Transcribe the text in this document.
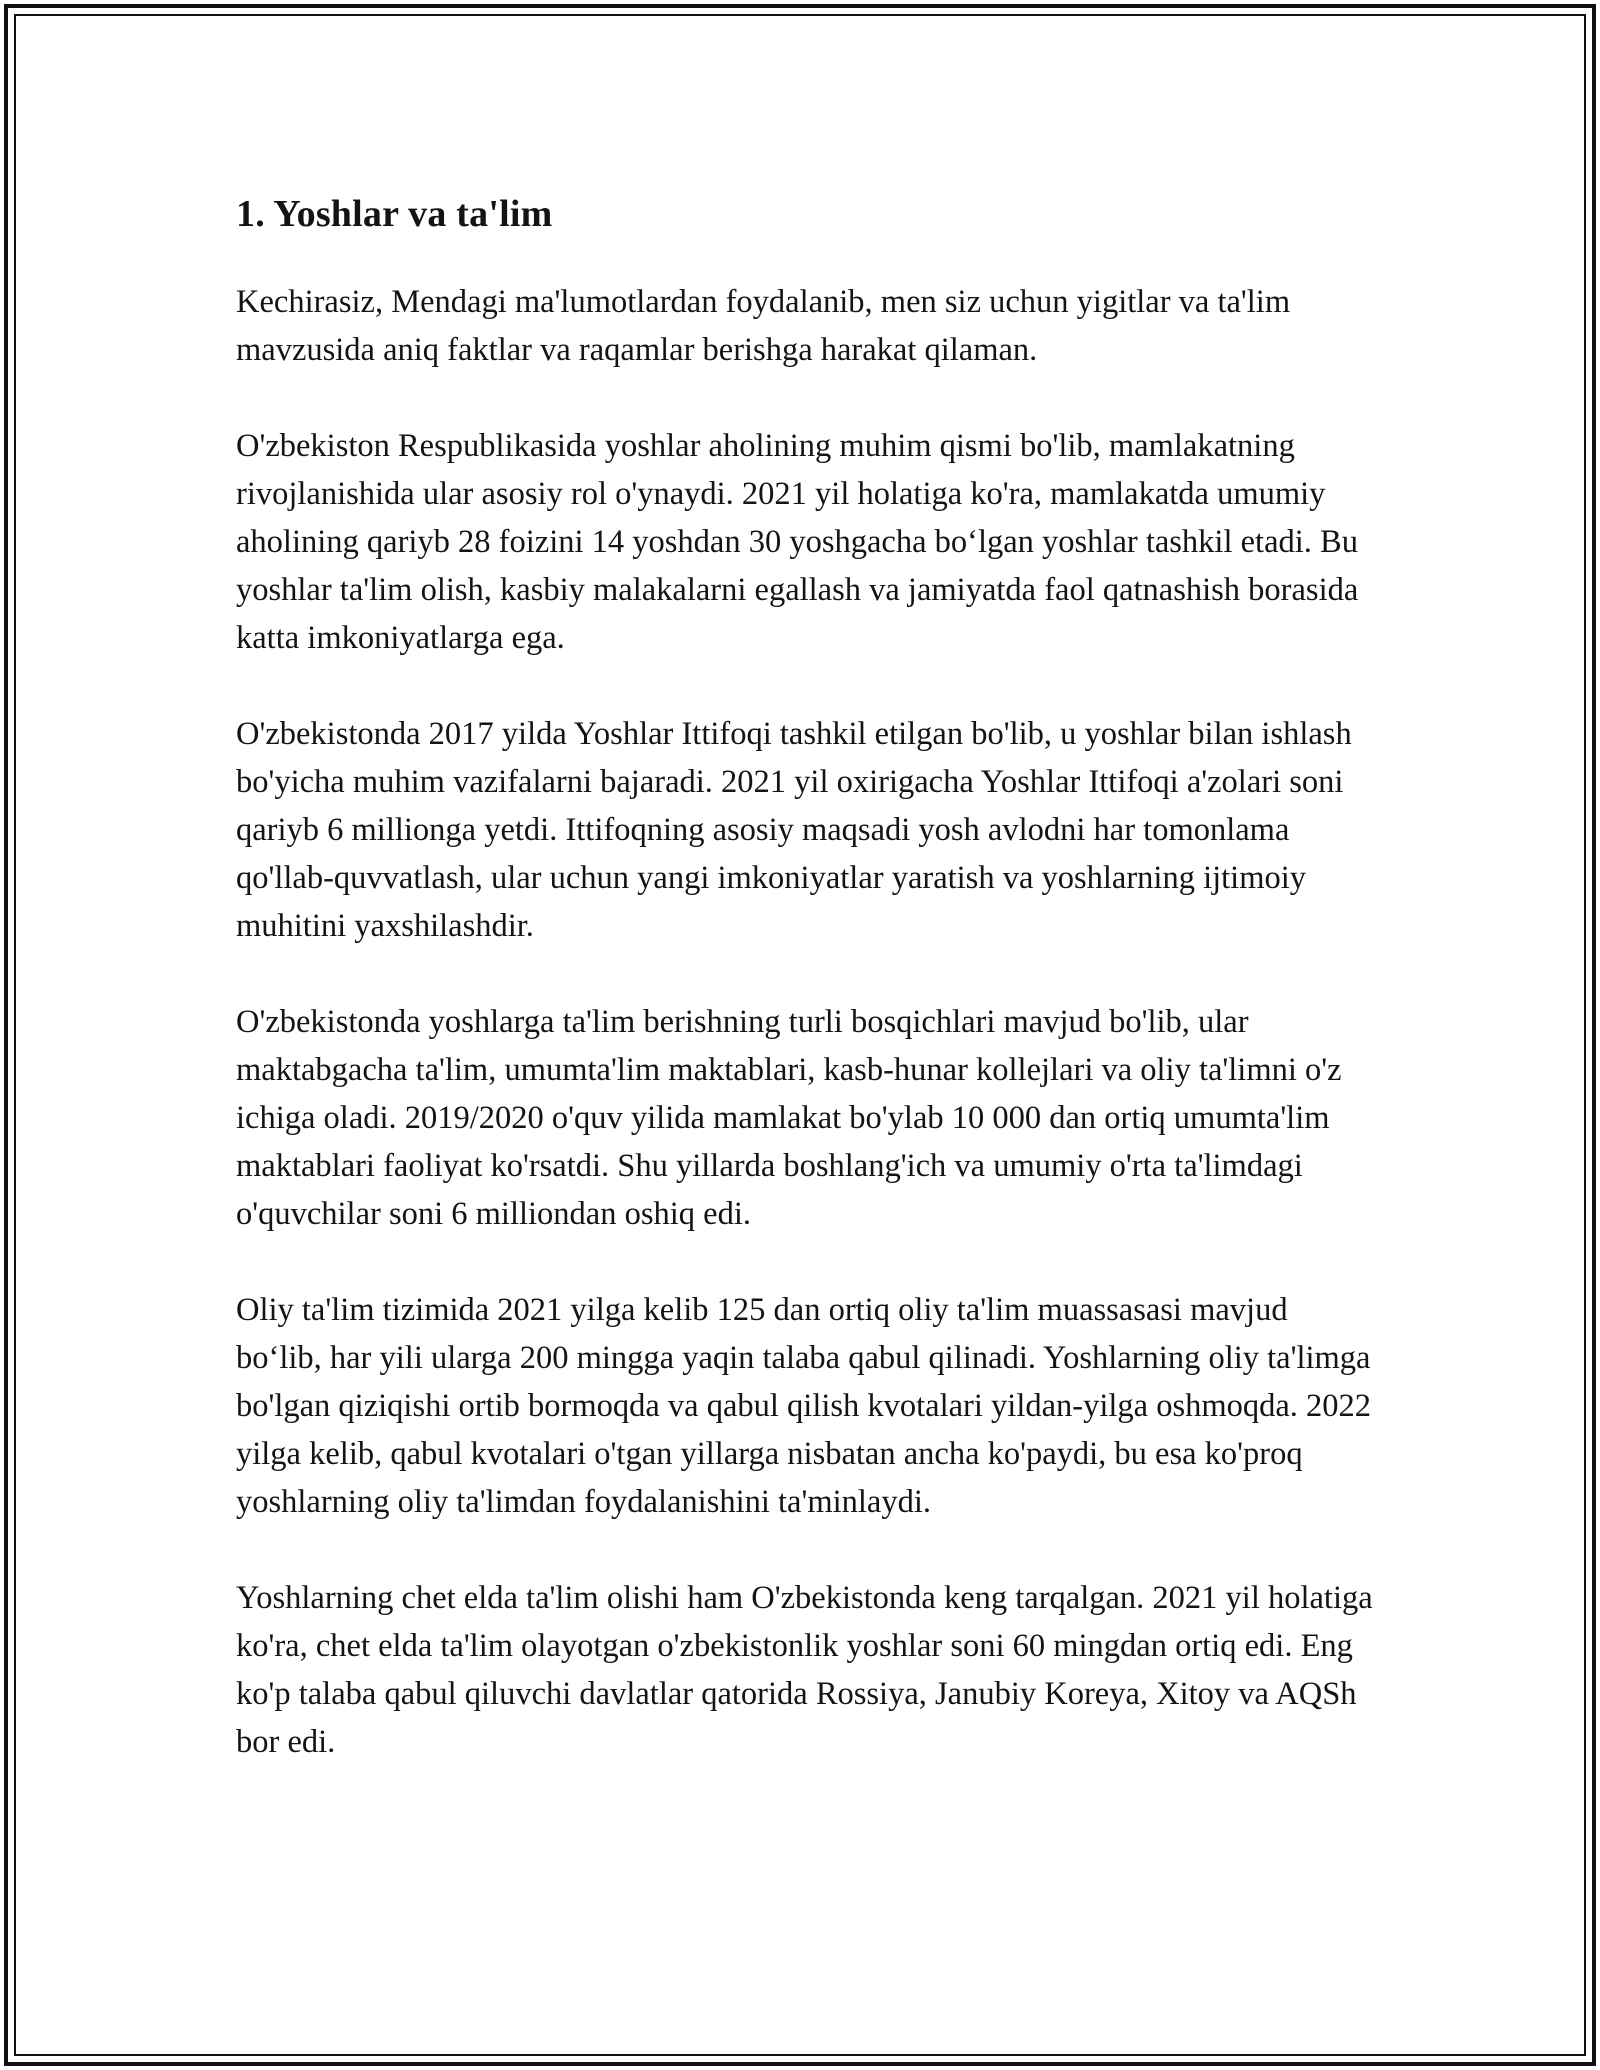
1. Yoshlar va ta'lim

Kechirasiz, Mendagi ma'lumotlardan foydalanib, men siz uchun yigitlar va ta'lim mavzusida aniq faktlar va raqamlar berishga harakat qilaman.

O'zbekiston Respublikasida yoshlar aholining muhim qismi bo'lib, mamlakatning rivojlanishida ular asosiy rol o'ynaydi. 2021 yil holatiga ko'ra, mamlakatda umumiy aholining qariyb 28 foizini 14 yoshdan 30 yoshgacha bo‘lgan yoshlar tashkil etadi. Bu yoshlar ta'lim olish, kasbiy malakalarni egallash va jamiyatda faol qatnashish borasida katta imkoniyatlarga ega.

O'zbekistonda 2017 yilda Yoshlar Ittifoqi tashkil etilgan bo'lib, u yoshlar bilan ishlash bo'yicha muhim vazifalarni bajaradi. 2021 yil oxirigacha Yoshlar Ittifoqi a'zolari soni qariyb 6 millionga yetdi. Ittifoqning asosiy maqsadi yosh avlodni har tomonlama qo'llab-quvvatlash, ular uchun yangi imkoniyatlar yaratish va yoshlarning ijtimoiy muhitini yaxshilashdir.

O'zbekistonda yoshlarga ta'lim berishning turli bosqichlari mavjud bo'lib, ular maktabgacha ta'lim, umumta'lim maktablari, kasb-hunar kollejlari va oliy ta'limni o'z ichiga oladi. 2019/2020 o'quv yilida mamlakat bo'ylab 10 000 dan ortiq umumta'lim maktablari faoliyat ko'rsatdi. Shu yillarda boshlang'ich va umumiy o'rta ta'limdagi o'quvchilar soni 6 milliondan oshiq edi.

Oliy ta'lim tizimida 2021 yilga kelib 125 dan ortiq oliy ta'lim muassasasi mavjud bo‘lib, har yili ularga 200 mingga yaqin talaba qabul qilinadi. Yoshlarning oliy ta'limga bo'lgan qiziqishi ortib bormoqda va qabul qilish kvotalari yildan-yilga oshmoqda. 2022 yilga kelib, qabul kvotalari o'tgan yillarga nisbatan ancha ko'paydi, bu esa ko'proq yoshlarning oliy ta'limdan foydalanishini ta'minlaydi.

Yoshlarning chet elda ta'lim olishi ham O'zbekistonda keng tarqalgan. 2021 yil holatiga ko'ra, chet elda ta'lim olayotgan o'zbekistonlik yoshlar soni 60 mingdan ortiq edi. Eng ko'p talaba qabul qiluvchi davlatlar qatorida Rossiya, Janubiy Koreya, Xitoy va AQSh bor edi.
